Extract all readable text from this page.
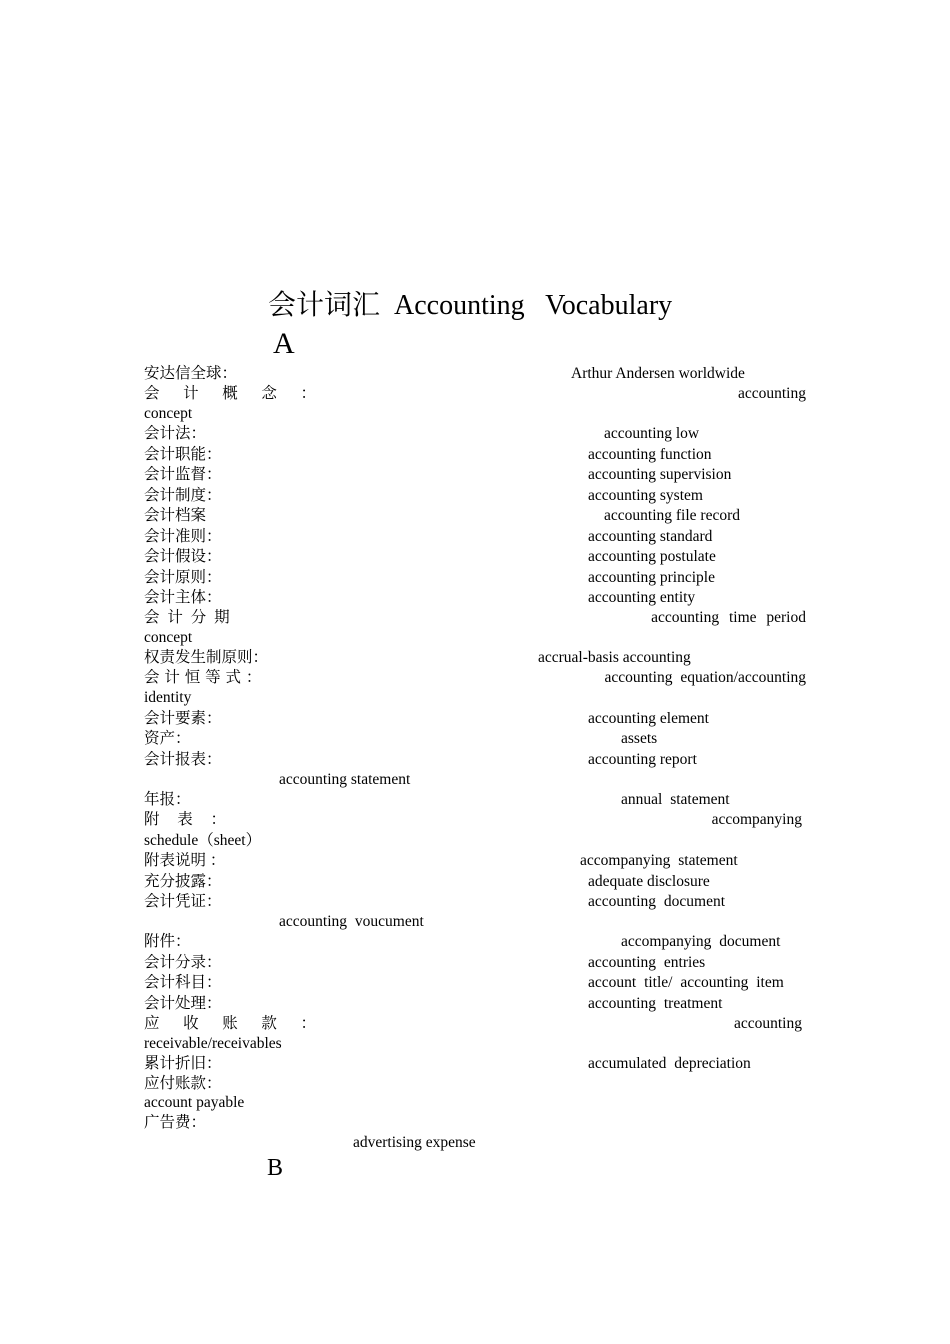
会计词汇 Accounting Vocabulary
A
安达信全球：	Arthur Andersen worldwide
会 计 概 念 ：	accounting
concept
会计法：	accounting low
会计职能：	accounting function
会计监督：	accounting supervision
会计制度：	accounting system
会计档案	accounting file record
会计准则：	accounting standard
会计假设：	accounting postulate
会计原则：	accounting principle
会计主体：	accounting entity
会 计 分 期	accounting time period
concept
权责发生制原则：	accrual-basis accounting
会 计 恒 等 式 ：	accounting equation/accounting
identity
会计要素：	accounting element
资产：	assets
会计报表：	accounting report
accounting statement
年报：	annual statement
附 表 ：	accompanying
schedule（sheet）
附表说明 ：	accompanying statement
充分披露：	adequate disclosure
会计凭证：	accounting document
accounting voucument
附件：	accompanying document
会计分录：	accounting entries
会计科目：	account title/ accounting item
会计处理：	accounting treatment
应 收 账 款 ：	accounting
receivable/receivables
累计折旧：	accumulated depreciation
应付账款：
account payable
广告费：
advertising expense
B
